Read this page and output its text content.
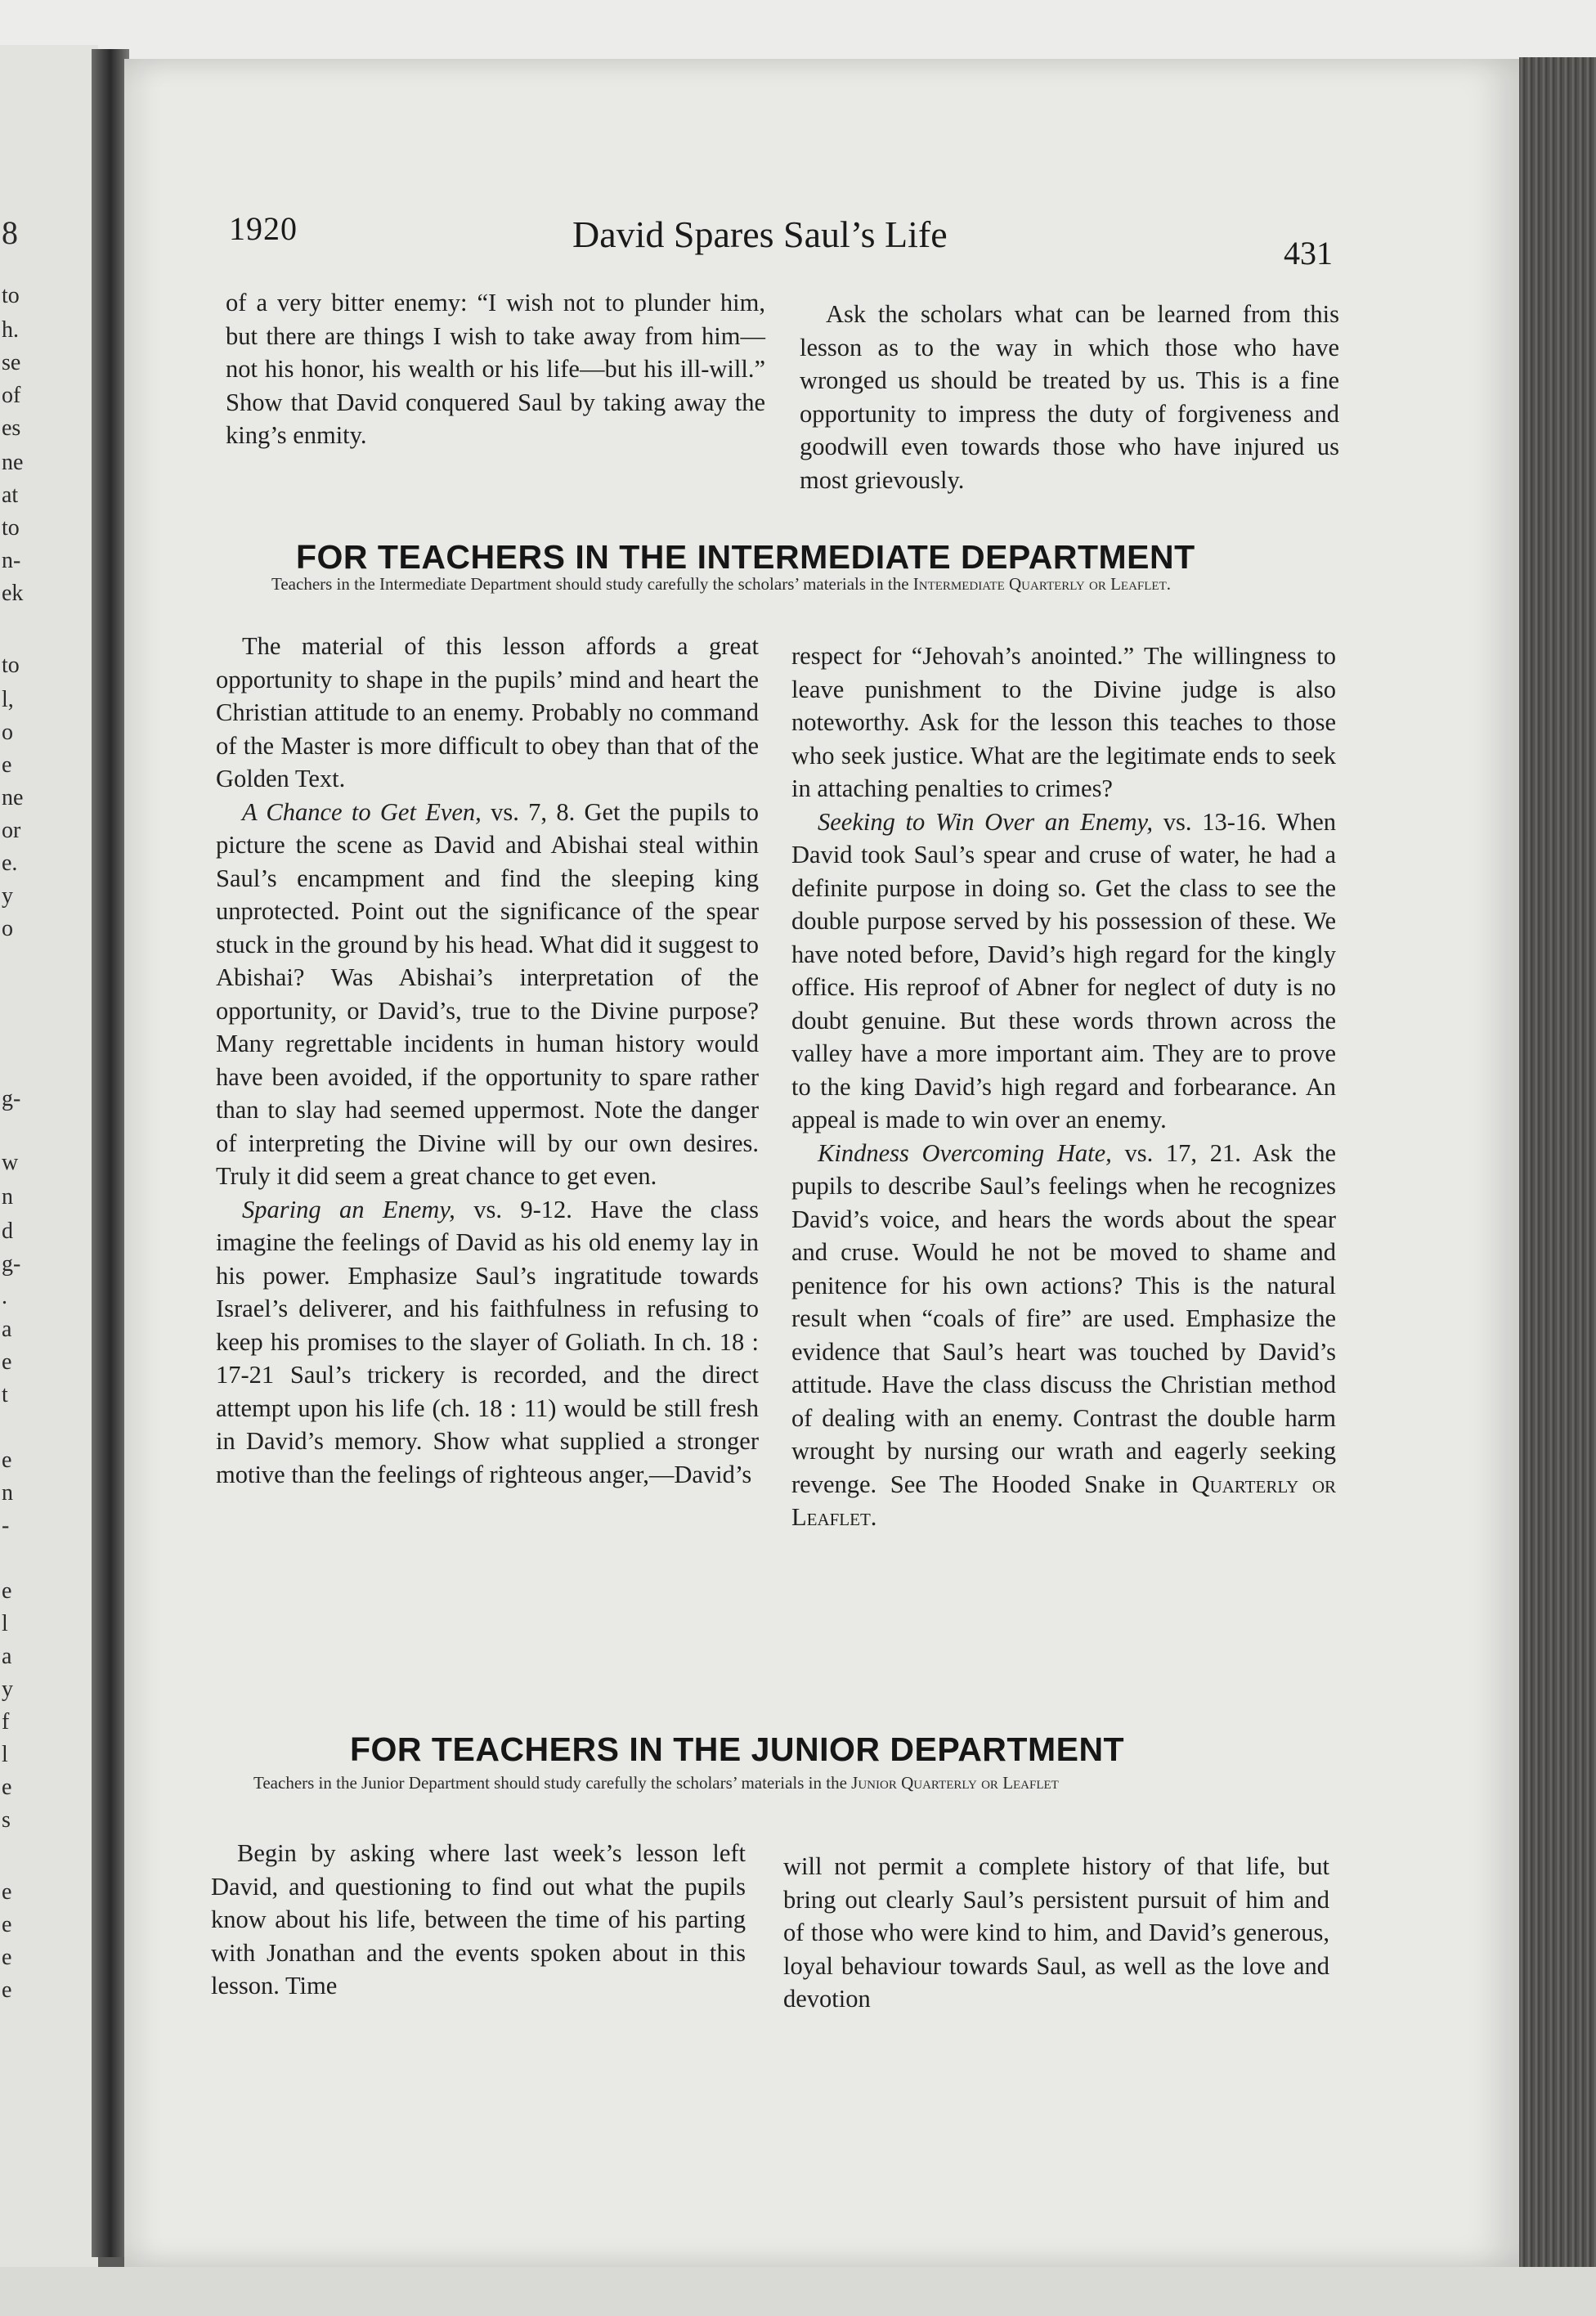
8
to
h.
se
of
es
ne
at
to
n-
ek
to
l,
o
e
ne
or
e.
y
o
g-
w
n
d
g-
.
a
e
t
e
n
-
e
l
a
y
f
l
e
s
e
e
e
e
1920	David Spares Saul’s Life	431

of a very bitter enemy: “I wish not to plunder him, but there are things I wish to take away from him—not his honor, his wealth or his life—but his ill-will.” Show that David conquered Saul by taking away the king’s enmity.

Ask the scholars what can be learned from this lesson as to the way in which those who have wronged us should be treated by us. This is a fine opportunity to impress the duty of forgiveness and goodwill even towards those who have injured us most grievously.

FOR TEACHERS IN THE INTERMEDIATE DEPARTMENT
Teachers in the Intermediate Department should study carefully the scholars’ materials in the Intermediate Quarterly or Leaflet.

The material of this lesson affords a great opportunity to shape in the pupils’ mind and heart the Christian attitude to an enemy. Probably no command of the Master is more difficult to obey than that of the Golden Text.

A Chance to Get Even, vs. 7, 8. Get the pupils to picture the scene as David and Abishai steal within Saul’s encampment and find the sleeping king unprotected. Point out the significance of the spear stuck in the ground by his head. What did it suggest to Abishai? Was Abishai’s interpretation of the opportunity, or David’s, true to the Divine purpose? Many regrettable incidents in human history would have been avoided, if the opportunity to spare rather than to slay had seemed uppermost. Note the danger of interpreting the Divine will by our own desires. Truly it did seem a great chance to get even.

Sparing an Enemy, vs. 9-12. Have the class imagine the feelings of David as his old enemy lay in his power. Emphasize Saul’s ingratitude towards Israel’s deliverer, and his faithfulness in refusing to keep his promises to the slayer of Goliath. In ch. 18 : 17-21 Saul’s trickery is recorded, and the direct attempt upon his life (ch. 18 : 11) would be still fresh in David’s memory. Show what supplied a stronger motive than the feelings of righteous anger,—David’s

respect for “Jehovah’s anointed.” The willingness to leave punishment to the Divine judge is also noteworthy. Ask for the lesson this teaches to those who seek justice. What are the legitimate ends to seek in attaching penalties to crimes?

Seeking to Win Over an Enemy, vs. 13-16. When David took Saul’s spear and cruse of water, he had a definite purpose in doing so. Get the class to see the double purpose served by his possession of these. We have noted before, David’s high regard for the kingly office. His reproof of Abner for neglect of duty is no doubt genuine. But these words thrown across the valley have a more important aim. They are to prove to the king David’s high regard and forbearance. An appeal is made to win over an enemy.

Kindness Overcoming Hate, vs. 17, 21. Ask the pupils to describe Saul’s feelings when he recognizes David’s voice, and hears the words about the spear and cruse. Would he not be moved to shame and penitence for his own actions? This is the natural result when “coals of fire” are used. Emphasize the evidence that Saul’s heart was touched by David’s attitude. Have the class discuss the Christian method of dealing with an enemy. Contrast the double harm wrought by nursing our wrath and eagerly seeking revenge. See The Hooded Snake in Quarterly or Leaflet.

FOR TEACHERS IN THE JUNIOR DEPARTMENT
Teachers in the Junior Department should study carefully the scholars’ materials in the Junior Quarterly or Leaflet

Begin by asking where last week’s lesson left David, and questioning to find out what the pupils know about his life, between the time of his parting with Jonathan and the events spoken about in this lesson. Time

will not permit a complete history of that life, but bring out clearly Saul’s persistent pursuit of him and of those who were kind to him, and David’s generous, loyal behaviour towards Saul, as well as the love and devotion
